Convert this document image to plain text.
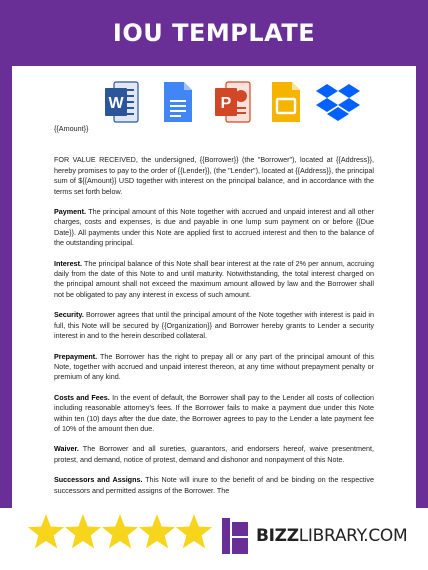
IOU TEMPLATE
W	P

{{Amount}}

FOR VALUE RECEIVED, the undersigned, {{Borrower}} (the "Borrower"), located at {{Address}}, hereby promises to pay to the order of {{Lender}}, (the "Lender"), located at {{Address}}, the principal sum of ${{Amount}} USD together with interest on the principal balance, and in accordance with the terms set forth below.

Payment. The principal amount of this Note together with accrued and unpaid interest and all other charges, costs and expenses, is due and payable in one lump sum payment on or before {{Due Date}}. All payments under this Note are applied first to accrued interest and then to the balance of the outstanding principal.

Interest. The principal balance of this Note shall bear interest at the rate of 2% per annum, accruing daily from the date of this Note to and until maturity. Notwithstanding, the total interest charged on the principal amount shall not exceed the maximum amount allowed by law and the Borrower shall not be obligated to pay any interest in excess of such amount.

Security. Borrower agrees that until the principal amount of the Note together with interest is paid in full, this Note will be secured by {{Organization}} and Borrower hereby grants to Lender a security interest in and to the herein described collateral.

Prepayment. The Borrower has the right to prepay all or any part of the principal amount of this Note, together with accrued and unpaid interest thereon, at any time without prepayment penalty or premium of any kind.

Costs and Fees. In the event of default, the Borrower shall pay to the Lender all costs of collection including reasonable attorney's fees. If the Borrower fails to make a payment due under this Note within ten (10) days after the due date, the Borrower agrees to pay to the Lender a late payment fee of 10% of the amount then due.

Waiver. The Borrower and all sureties, guarantors, and endorsers hereof, waive presentment, protest, and demand, notice of protest, demand and dishonor and nonpayment of this Note.

Successors and Assigns. This Note will inure to the benefit of and be binding on the respective successors and permitted assigns of the Borrower. The

BIZZLIBRARY.COM
